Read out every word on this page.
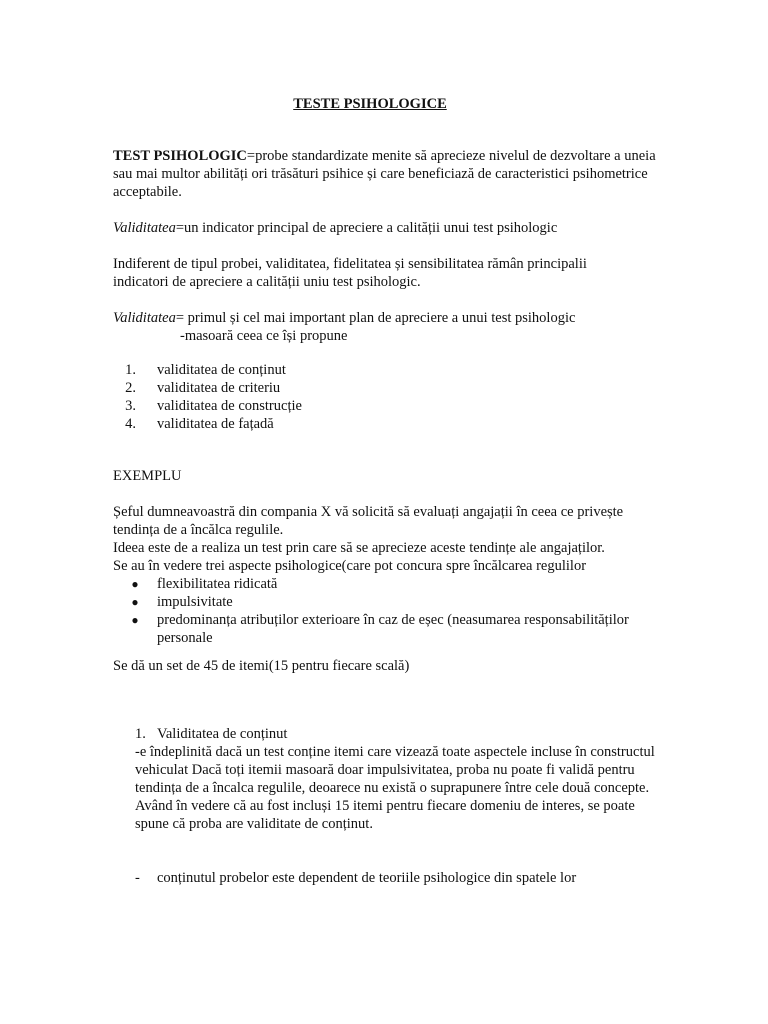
TESTE PSIHOLOGICE
TEST PSIHOLOGIC=probe standardizate menite să aprecieze nivelul de dezvoltare a uneia sau mai multor abilități ori trăsături psihice și care beneficiază de caracteristici psihometrice acceptabile.
Validitatea=un indicator principal de apreciere a calității unui test psihologic
Indiferent de tipul probei, validitatea, fidelitatea și sensibilitatea rămân principalii indicatori de apreciere a calității uniu test psihologic.
Validitatea= primul și cel mai important plan de apreciere a unui test psihologic
-masoară ceea ce își propune
1. validitatea de conținut
2. validitatea de criteriu
3. validitatea de construcție
4. validitatea de fațadă
EXEMPLU
Șeful dumneavoastră din compania X vă solicită să evaluați angajații în ceea ce privește
tendința de a încălca regulile.
Ideea este de a realiza un test prin care să se aprecieze aceste tendințe ale angajaților.
Se au în vedere trei aspecte psihologice(care pot concura spre încălcarea regulilor
●	flexibilitatea ridicată
●	impulsivitate
●	predominanța atribuților exterioare în caz de eșec (neasumarea responsabilităților personale
Se dă un set de 45 de itemi(15 pentru fiecare scală)
1. Validitatea de conținut
-e îndeplinită dacă un test conține itemi care vizează toate aspectele incluse în constructul vehiculat Dacă toți itemii masoară doar impulsivitatea, proba nu poate fi validă pentru tendința de a încalca regulile, deoarece nu există o suprapunere între cele două concepte. Având în vedere că au fost incluși 15 itemi pentru fiecare domeniu de interes, se poate spune că proba are validitate de conținut.
-	conținutul probelor este dependent de teoriile psihologice din spatele lor
